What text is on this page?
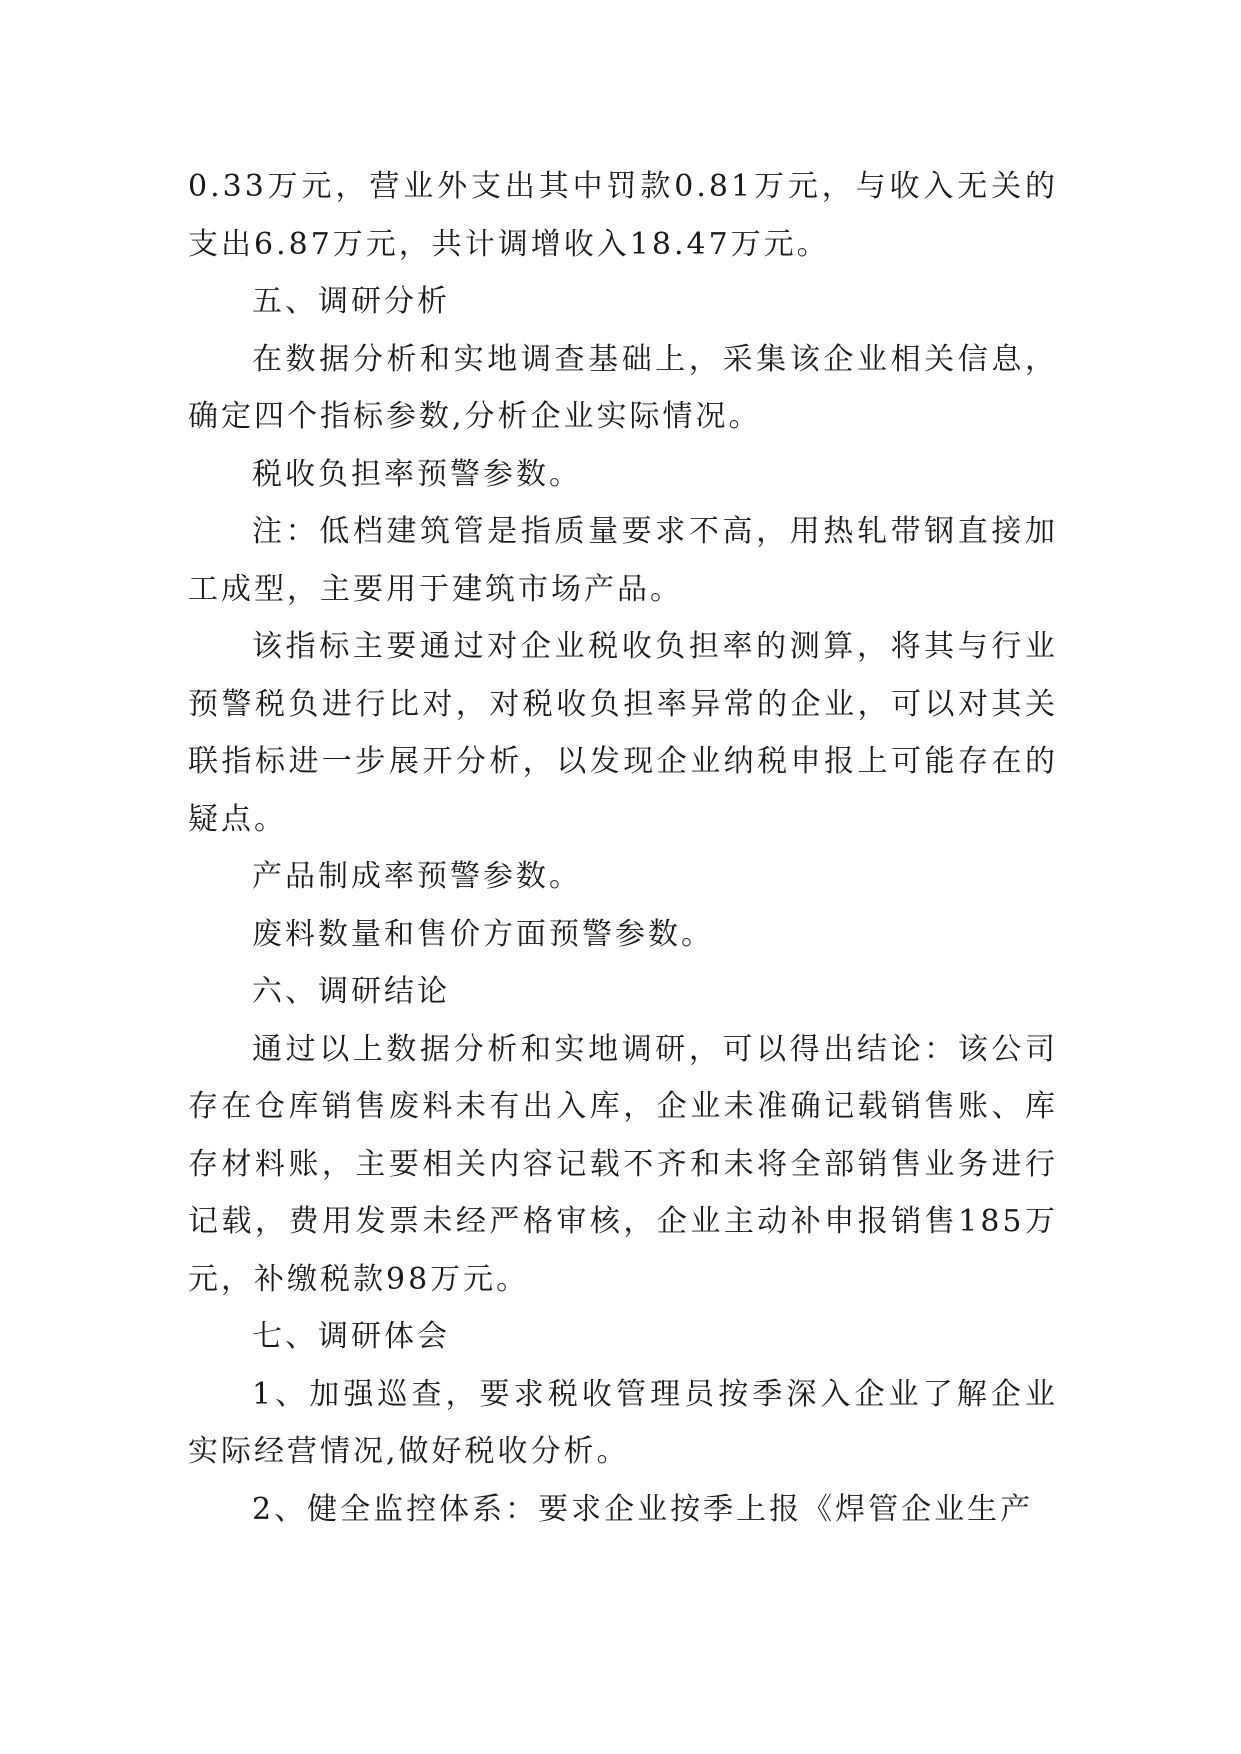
0.33万元，营业外支出其中罚款0.81万元，与收入无关的支出6.87万元，共计调增收入18.47万元。

五、调研分析

在数据分析和实地调查基础上，采集该企业相关信息，确定四个指标参数,分析企业实际情况。

税收负担率预警参数。

注：低档建筑管是指质量要求不高，用热轧带钢直接加工成型，主要用于建筑市场产品。

该指标主要通过对企业税收负担率的测算，将其与行业预警税负进行比对，对税收负担率异常的企业，可以对其关联指标进一步展开分析，以发现企业纳税申报上可能存在的疑点。

产品制成率预警参数。

废料数量和售价方面预警参数。

六、调研结论

通过以上数据分析和实地调研，可以得出结论：该公司存在仓库销售废料未有出入库，企业未准确记载销售账、库存材料账，主要相关内容记载不齐和未将全部销售业务进行记载，费用发票未经严格审核，企业主动补申报销售185万元，补缴税款98万元。

七、调研体会

1、加强巡查，要求税收管理员按季深入企业了解企业实际经营情况,做好税收分析。

2、健全监控体系：要求企业按季上报《焊管企业生产
